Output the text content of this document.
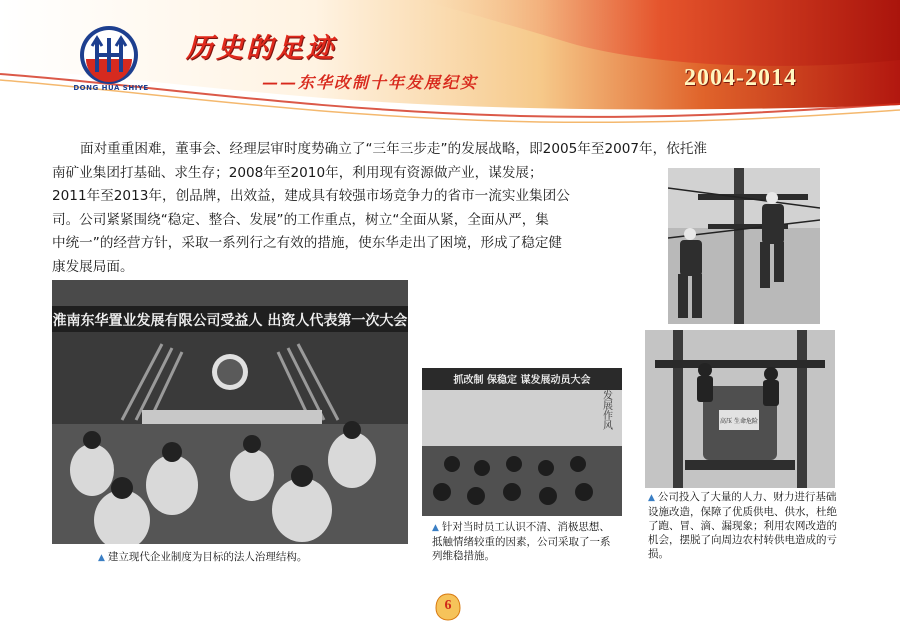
DONG HUA SHIYE
历史的足迹
——东华改制十年发展纪实	2004-2014
面对重重困难，董事会、经理层审时度势确立了“三年三步走”的发展战略，即2005年至2007年，依托淮
南矿业集团打基础、求生存；2008年至2010年，利用现有资源做产业，谋发展；
2011年至2013年，创品牌，出效益，建成具有较强市场竞争力的省市一流实业集团公
司。公司紧紧围绕“稳定、整合、发展”的工作重点，树立“全面从紧，全面从严，集
中统一”的经营方针，采取一系列行之有效的措施，使东华走出了困境，形成了稳定健
康发展局面。
淮南东华置业发展有限公司受益人 出资人代表第一次大会
抓改制 保稳定 谋发展动员大会
发展作风	高压 生命危险
▲ 建立现代企业制度为目标的法人治理结构。
▲ 针对当时员工认识不清、消极思想、抵触情绪较重的因素，公司采取了一系列维稳措施。
▲ 公司投入了大量的人力、财力进行基础设施改造，保障了优质供电、供水，杜绝了跑、冒、滴、漏现象；利用农网改造的机会，摆脱了向周边农村转供电造成的亏损。
6
